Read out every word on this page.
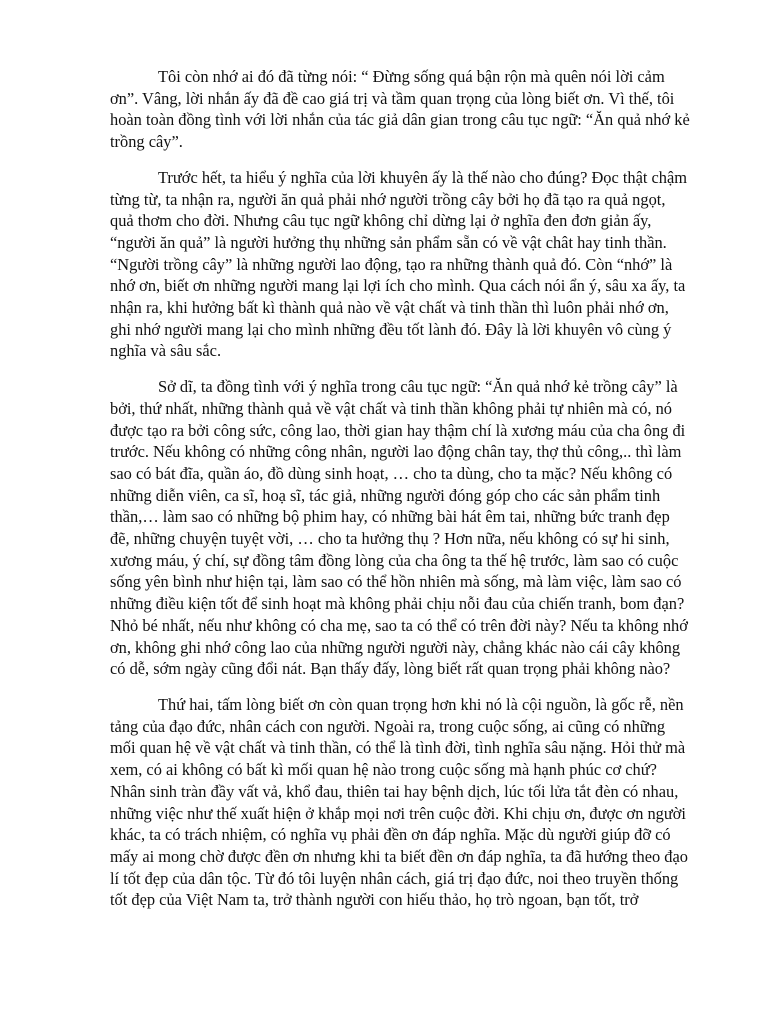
Tôi còn nhớ ai đó đã từng nói: “ Đừng sống quá bận rộn mà quên nói lời cảm ơn”. Vâng, lời nhắn ấy đã đề cao giá trị và tầm quan trọng của lòng biết ơn. Vì thế, tôi hoàn toàn đồng tình với lời nhắn của tác giả dân gian trong câu tục ngữ: “Ăn quả nhớ kẻ trồng cây”.

Trước hết, ta hiểu ý nghĩa của lời khuyên ấy là thế nào cho đúng? Đọc thật chậm từng từ, ta nhận ra, người ăn quả phải nhớ người trồng cây bởi họ đã tạo ra quả ngọt, quả thơm cho đời. Nhưng câu tục ngữ không chỉ dừng lại ở nghĩa đen đơn giản ấy, “người ăn quả” là người hưởng thụ những sản phẩm sẵn có về vật chât hay tinh thần. “Người trồng cây” là những người lao động, tạo ra những thành quả đó. Còn “nhớ” là nhớ ơn, biết ơn những người mang lại lợi ích cho mình. Qua cách nói ẩn ý, sâu xa ấy, ta nhận ra, khi hưởng bất kì thành quả nào về vật chất và tinh thần thì luôn phải nhớ ơn, ghi nhớ người mang lại cho mình những đều tốt lành đó. Đây là lời khuyên vô cùng ý nghĩa và sâu sắc.

Sở dĩ, ta đồng tình với ý nghĩa trong câu tục ngữ: “Ăn quả nhớ kẻ trồng cây” là bởi, thứ nhất, những thành quả về vật chất và tinh thần không phải tự nhiên mà có, nó được tạo ra bởi công sức, công lao, thời gian hay thậm chí là xương máu của cha ông đi trước. Nếu không có những công nhân, người lao động chân tay, thợ thủ công,.. thì làm sao có bát đĩa, quần áo, đồ dùng sinh hoạt, … cho ta dùng, cho ta mặc? Nếu không có những diễn viên, ca sĩ, hoạ sĩ, tác giả, những người đóng góp cho các sản phẩm tinh thần,… làm sao có những bộ phim hay, có những bài hát êm tai, những bức tranh đẹp đẽ, những chuyện tuyệt vời, … cho ta hưởng thụ ? Hơn nữa, nếu không có sự hi sinh, xương máu, ý chí, sự đồng tâm đồng lòng của cha ông ta thế hệ trước, làm sao có cuộc sống yên bình như hiện tại, làm sao có thể hồn nhiên mà sống, mà làm việc, làm sao có những điều kiện tốt để sinh hoạt mà không phải chịu nỗi đau của chiến tranh, bom đạn? Nhỏ bé nhất, nếu như không có cha mẹ, sao ta có thể có trên đời này? Nếu ta không nhớ ơn, không ghi nhớ công lao của những người người này, chẳng khác nào cái cây không có dễ, sớm ngày cũng đổi nát. Bạn thấy đấy, lòng biết rất quan trọng phải không nào?

Thứ hai, tấm lòng biết ơn còn quan trọng hơn khi nó là cội nguồn, là gốc rễ, nền tảng của đạo đức, nhân cách con người. Ngoài ra, trong cuộc sống, ai cũng có những mối quan hệ về vật chất và tinh thần, có thể là tình đời, tình nghĩa sâu nặng. Hỏi thử mà xem, có ai không có bất kì mối quan hệ nào trong cuộc sống mà hạnh phúc cơ chứ? Nhân sinh tràn đầy vất vả, khổ đau, thiên tai hay bệnh dịch, lúc tối lửa tắt đèn có nhau, những việc như thế xuất hiện ở khắp mọi nơi trên cuộc đời. Khi chịu ơn, được ơn người khác, ta có trách nhiệm, có nghĩa vụ phải đền ơn đáp nghĩa. Mặc dù người giúp đỡ có mấy ai mong chờ được đền ơn nhưng khi ta biết đền ơn đáp nghĩa, ta đã hướng theo đạo lí tốt đẹp của dân tộc. Từ đó tôi luyện nhân cách, giá trị đạo đức, noi theo truyền thống tốt đẹp của Việt Nam ta, trở thành người con hiếu thảo, họ trò ngoan, bạn tốt, trở
